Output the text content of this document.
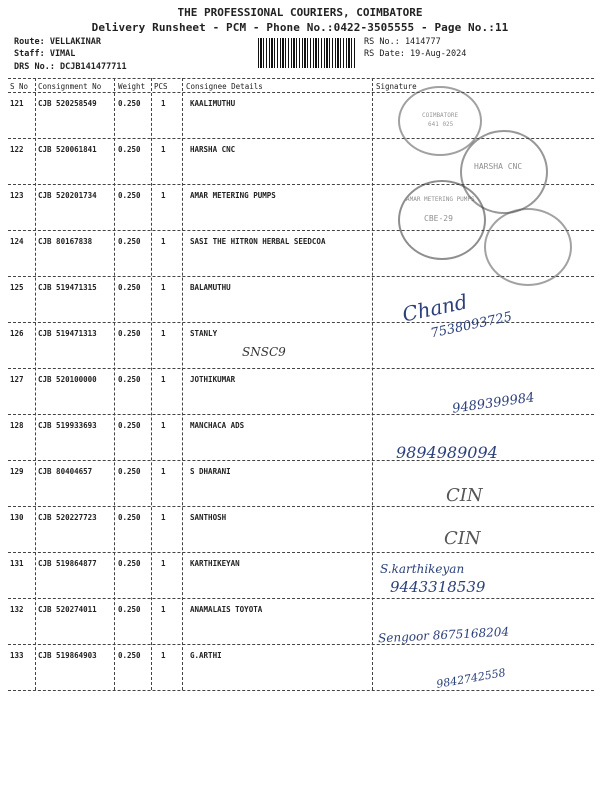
THE PROFESSIONAL COURIERS, COIMBATORE
Delivery Runsheet - PCM - Phone No.:0422-3505555 - Page No.:11
Route: VELLAKINAR
Staff: VIMAL
DRS No.: DCJB141477711
RS No.: 1414777
RS Date: 19-Aug-2024
S No Consignment No Weight PCS Consignee Details	Signature
121 CJB 520258549	0.250	1	KAALIMUTHU
122 CJB 520061841	0.250	1	HARSHA CNC
123 CJB 520201734	0.250	1	AMAR METERING PUMPS
124 CJB 80167838	0.250	1	SASI THE HITRON HERBAL SEEDCOA
125 CJB 519471315	0.250	1	BALAMUTHU
126 CJB 519471313	0.250	1	STANLY
127 CJB 520100000	0.250	1	JOTHIKUMAR
128 CJB 519933693	0.250	1	MANCHACA ADS
129 CJB 80404657	0.250	1	S DHARANI
130 CJB 520227723	0.250	1	SANTHOSH
131 CJB 519864877	0.250	1	KARTHIKEYAN
132 CJB 520274011	0.250	1	ANAMALAIS TOYOTA
133 CJB 519864903	0.250	1	G.ARTHI
COIMBATORE
641 025
HARSHA CNC
AMAR METERING PUMPS
CBE-29
Chand
7538093725
SNSC9
9489399984
9894989094
CIN
CIN
S.karthikeyan
9443318539
Sengoor 8675168204
9842742558
